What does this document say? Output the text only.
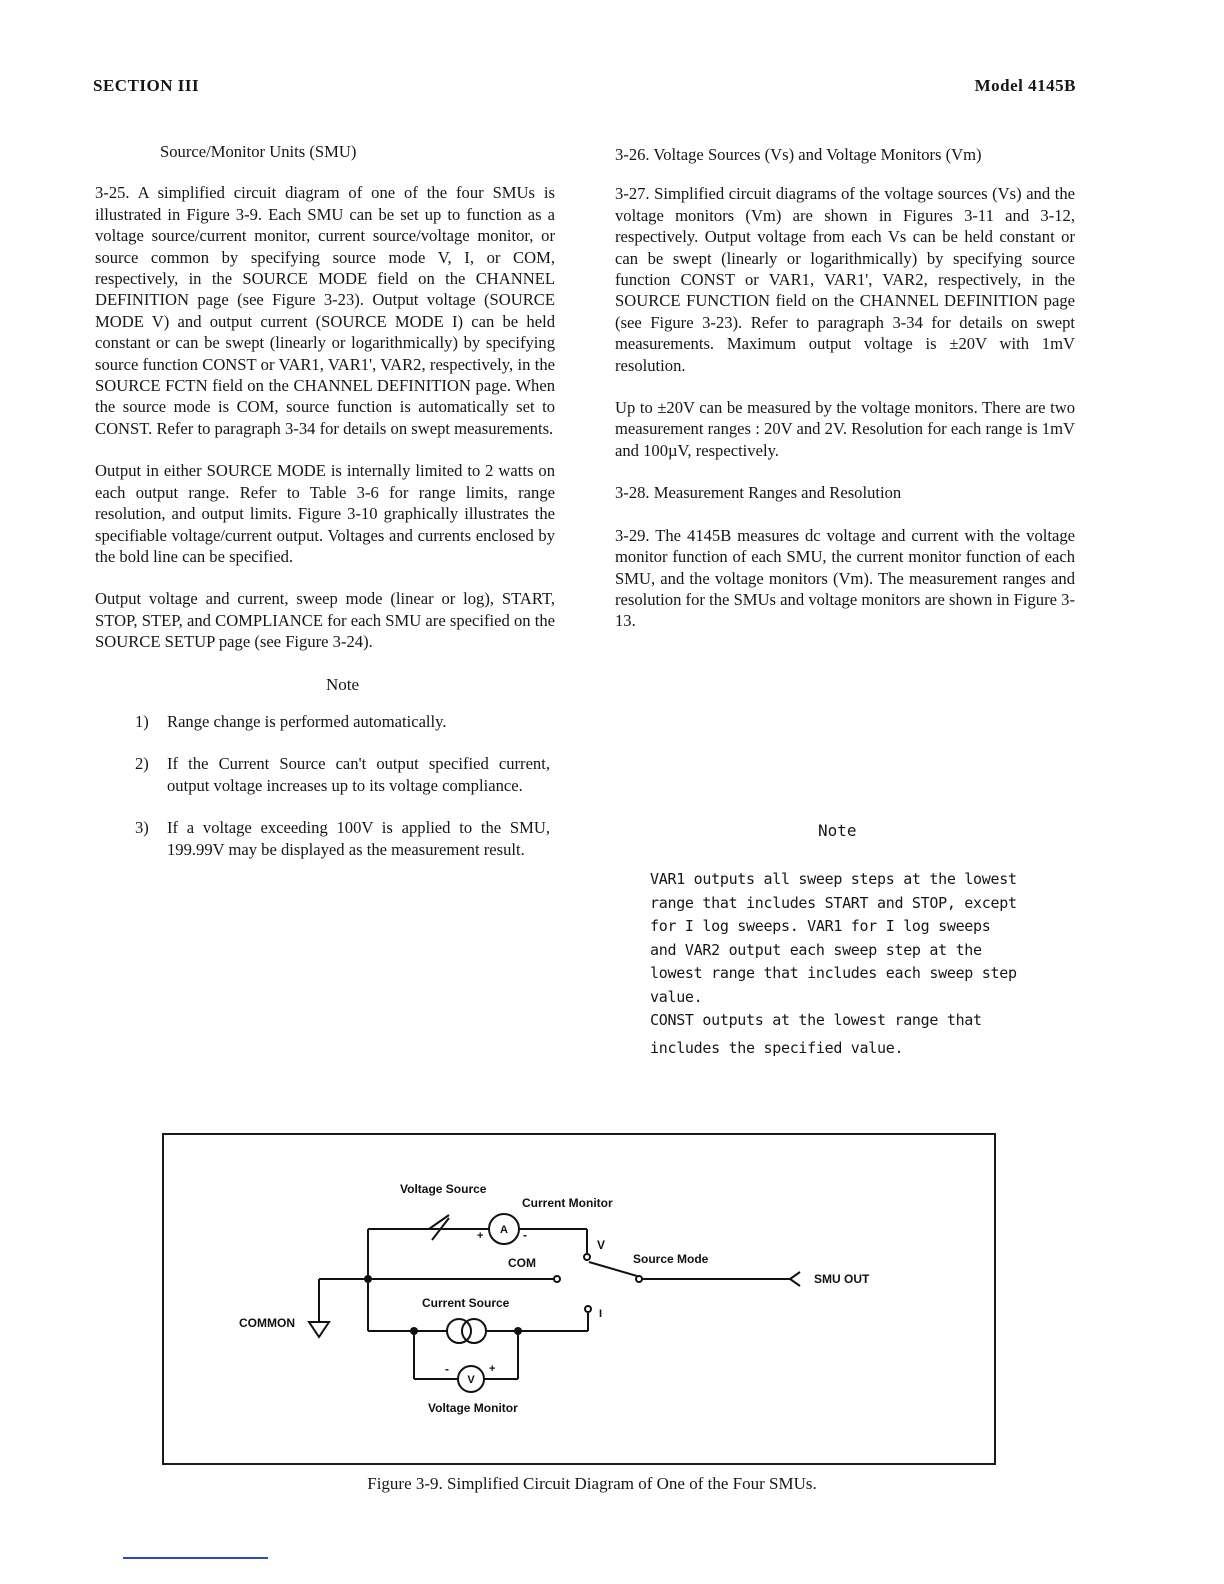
SECTION III	Model 4145B
Source/Monitor Units (SMU)

3-25. A simplified circuit diagram of one of the four SMUs is illustrated in Figure 3-9. Each SMU can be set up to function as a voltage source/current monitor, current source/voltage monitor, or source common by specifying source mode V, I, or COM, respectively, in the SOURCE MODE field on the CHANNEL DEFINITION page (see Figure 3-23). Output voltage (SOURCE MODE V) and output current (SOURCE MODE I) can be held constant or can be swept (linearly or logarithmically) by specifying source function CONST or VAR1, VAR1', VAR2, respectively, in the SOURCE FCTN field on the CHANNEL DEFINITION page. When the source mode is COM, source function is automatically set to CONST. Refer to paragraph 3-34 for details on swept measurements.

Output in either SOURCE MODE is internally limited to 2 watts on each output range. Refer to Table 3-6 for range limits, range resolution, and output limits. Figure 3-10 graphically illustrates the specifiable voltage/current output. Voltages and currents enclosed by the bold line can be specified.

Output voltage and current, sweep mode (linear or log), START, STOP, STEP, and COMPLIANCE for each SMU are specified on the SOURCE SETUP page (see Figure 3-24).

Note
1) Range change is performed automatically.
2) If the Current Source can't output specified current, output voltage increases up to its voltage compliance.
3) If a voltage exceeding 100V is applied to the SMU, 199.99V may be displayed as the measurement result.

3-26. Voltage Sources (Vs) and Voltage Monitors (Vm)

3-27. Simplified circuit diagrams of the voltage sources (Vs) and the voltage monitors (Vm) are shown in Figures 3-11 and 3-12, respectively. Output voltage from each Vs can be held constant or can be swept (linearly or logarithmically) by specifying source function CONST or VAR1, VAR1', VAR2, respectively, in the SOURCE FUNCTION field on the CHANNEL DEFINITION page (see Figure 3-23). Refer to paragraph 3-34 for details on swept measurements. Maximum output voltage is ±20V with 1mV resolution.

Up to ±20V can be measured by the voltage monitors. There are two measurement ranges : 20V and 2V. Resolution for each range is 1mV and 100µV, respectively.

3-28. Measurement Ranges and Resolution

3-29. The 4145B measures dc voltage and current with the voltage monitor function of each SMU, the current monitor function of each SMU, and the voltage monitors (Vm). The measurement ranges and resolution for the SMUs and voltage monitors are shown in Figure 3-13.

Note
VAR1 outputs all sweep steps at the lowest
range that includes START and STOP, except
for I log sweeps. VAR1 for I log sweeps
and VAR2 output each sweep step at the
lowest range that includes each sweep step
value.
CONST outputs at the lowest range that
includes the specified value.
Voltage Source
Current Monitor
A
+	-
V
COM	Source Mode
SMU OUT
COMMON
Current Source
I
V
-	+
Voltage Monitor
Figure 3-9. Simplified Circuit Diagram of One of the Four SMUs.
